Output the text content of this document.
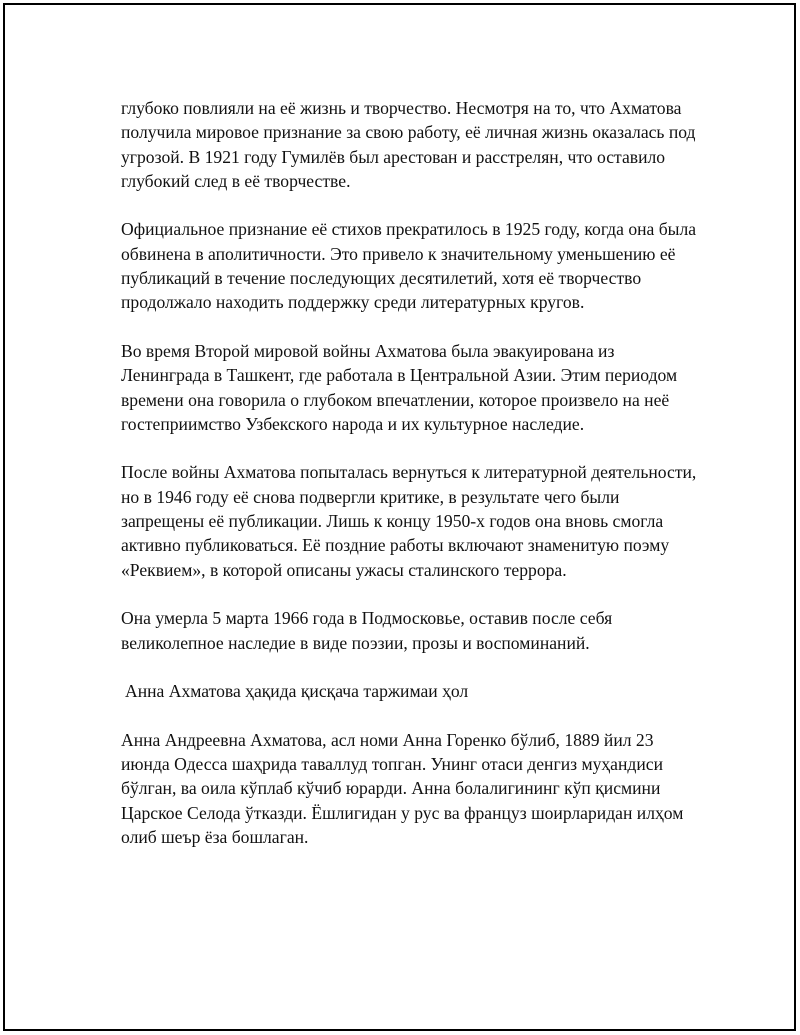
глубоко повлияли на её жизнь и творчество. Несмотря на то, что Ахматова получила мировое признание за свою работу, её личная жизнь оказалась под угрозой. В 1921 году Гумилёв был арестован и расстрелян, что оставило глубокий след в её творчестве.

Официальное признание её стихов прекратилось в 1925 году, когда она была обвинена в аполитичности. Это привело к значительному уменьшению её публикаций в течение последующих десятилетий, хотя её творчество продолжало находить поддержку среди литературных кругов.

Во время Второй мировой войны Ахматова была эвакуирована из Ленинграда в Ташкент, где работала в Центральной Азии. Этим периодом времени она говорила о глубоком впечатлении, которое произвело на неё гостеприимство Узбекского народа и их культурное наследие.

После войны Ахматова попыталась вернуться к литературной деятельности, но в 1946 году её снова подвергли критике, в результате чего были запрещены её публикации. Лишь к концу 1950-х годов она вновь смогла активно публиковаться. Её поздние работы включают знаменитую поэму «Реквием», в которой описаны ужасы сталинского террора.

Она умерла 5 марта 1966 года в Подмосковье, оставив после себя великолепное наследие в виде поэзии, прозы и воспоминаний.

Анна Ахматова ҳақида қисқача таржимаи ҳол

Анна Андреевна Ахматова, асл номи Анна Горенко бўлиб, 1889 йил 23 июнда Одесса шаҳрида таваллуд топган. Унинг отаси денгиз муҳандиси бўлган, ва оила кўплаб кўчиб юрарди. Анна болалигининг кўп қисмини Царское Селода ўтказди. Ёшлигидан у рус ва француз шоирларидан илҳом олиб шеър ёза бошлаган.
